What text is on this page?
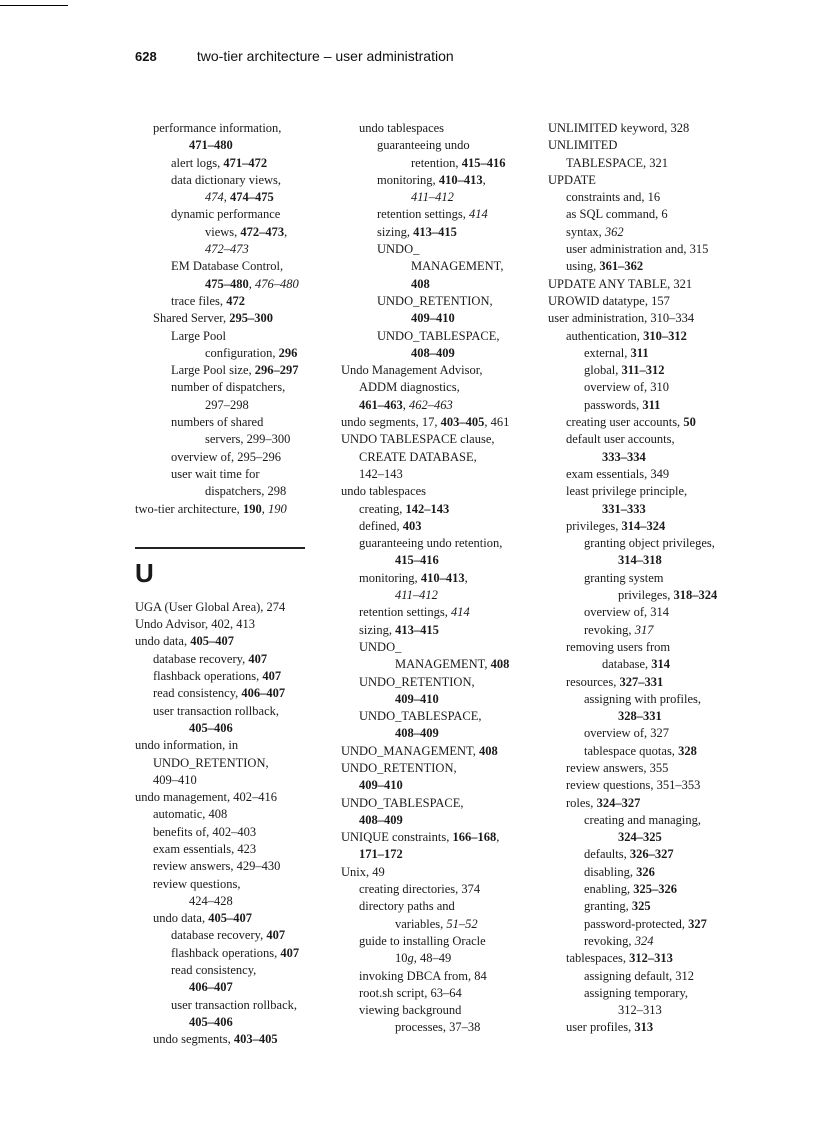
628	two-tier architecture – user administration

performance information,

471–480

alert logs, 471–472

data dictionary views,

474, 474–475

dynamic performance

views, 472–473,

472–473

EM Database Control,

475–480, 476–480

trace files, 472

Shared Server, 295–300

Large Pool

configuration, 296

Large Pool size, 296–297

number of dispatchers,

297–298

numbers of shared

servers, 299–300

overview of, 295–296

user wait time for

dispatchers, 298

two-tier architecture, 190, 190

U

UGA (User Global Area), 274

Undo Advisor, 402, 413

undo data, 405–407

database recovery, 407

flashback operations, 407

read consistency, 406–407

user transaction rollback,

405–406

undo information, in

UNDO_RETENTION,

409–410

undo management, 402–416

automatic, 408

benefits of, 402–403

exam essentials, 423

review answers, 429–430

review questions,

424–428

undo data, 405–407

database recovery, 407

flashback operations, 407

read consistency,

406–407

user transaction rollback,

405–406

undo segments, 403–405

undo tablespaces

guaranteeing undo

retention, 415–416

monitoring, 410–413,

411–412

retention settings, 414

sizing, 413–415

UNDO_

MANAGEMENT,

408

UNDO_RETENTION,

409–410

UNDO_TABLESPACE,

408–409

Undo Management Advisor,

ADDM diagnostics,

461–463, 462–463

undo segments, 17, 403–405, 461

UNDO TABLESPACE clause,

CREATE DATABASE,

142–143

undo tablespaces

creating, 142–143

defined, 403

guaranteeing undo retention,

415–416

monitoring, 410–413,

411–412

retention settings, 414

sizing, 413–415

UNDO_

MANAGEMENT, 408

UNDO_RETENTION,

409–410

UNDO_TABLESPACE,

408–409

UNDO_MANAGEMENT, 408

UNDO_RETENTION,

409–410

UNDO_TABLESPACE,

408–409

UNIQUE constraints, 166–168,

171–172

Unix, 49

creating directories, 374

directory paths and

variables, 51–52

guide to installing Oracle

10g, 48–49

invoking DBCA from, 84

root.sh script, 63–64

viewing background

processes, 37–38

UNLIMITED keyword, 328

UNLIMITED

TABLESPACE, 321

UPDATE

constraints and, 16

as SQL command, 6

syntax, 362

user administration and, 315

using, 361–362

UPDATE ANY TABLE, 321

UROWID datatype, 157

user administration, 310–334

authentication, 310–312

external, 311

global, 311–312

overview of, 310

passwords, 311

creating user accounts, 50

default user accounts,

333–334

exam essentials, 349

least privilege principle,

331–333

privileges, 314–324

granting object privileges,

314–318

granting system

privileges, 318–324

overview of, 314

revoking, 317

removing users from

database, 314

resources, 327–331

assigning with profiles,

328–331

overview of, 327

tablespace quotas, 328

review answers, 355

review questions, 351–353

roles, 324–327

creating and managing,

324–325

defaults, 326–327

disabling, 326

enabling, 325–326

granting, 325

password-protected, 327

revoking, 324

tablespaces, 312–313

assigning default, 312

assigning temporary,

312–313

user profiles, 313
